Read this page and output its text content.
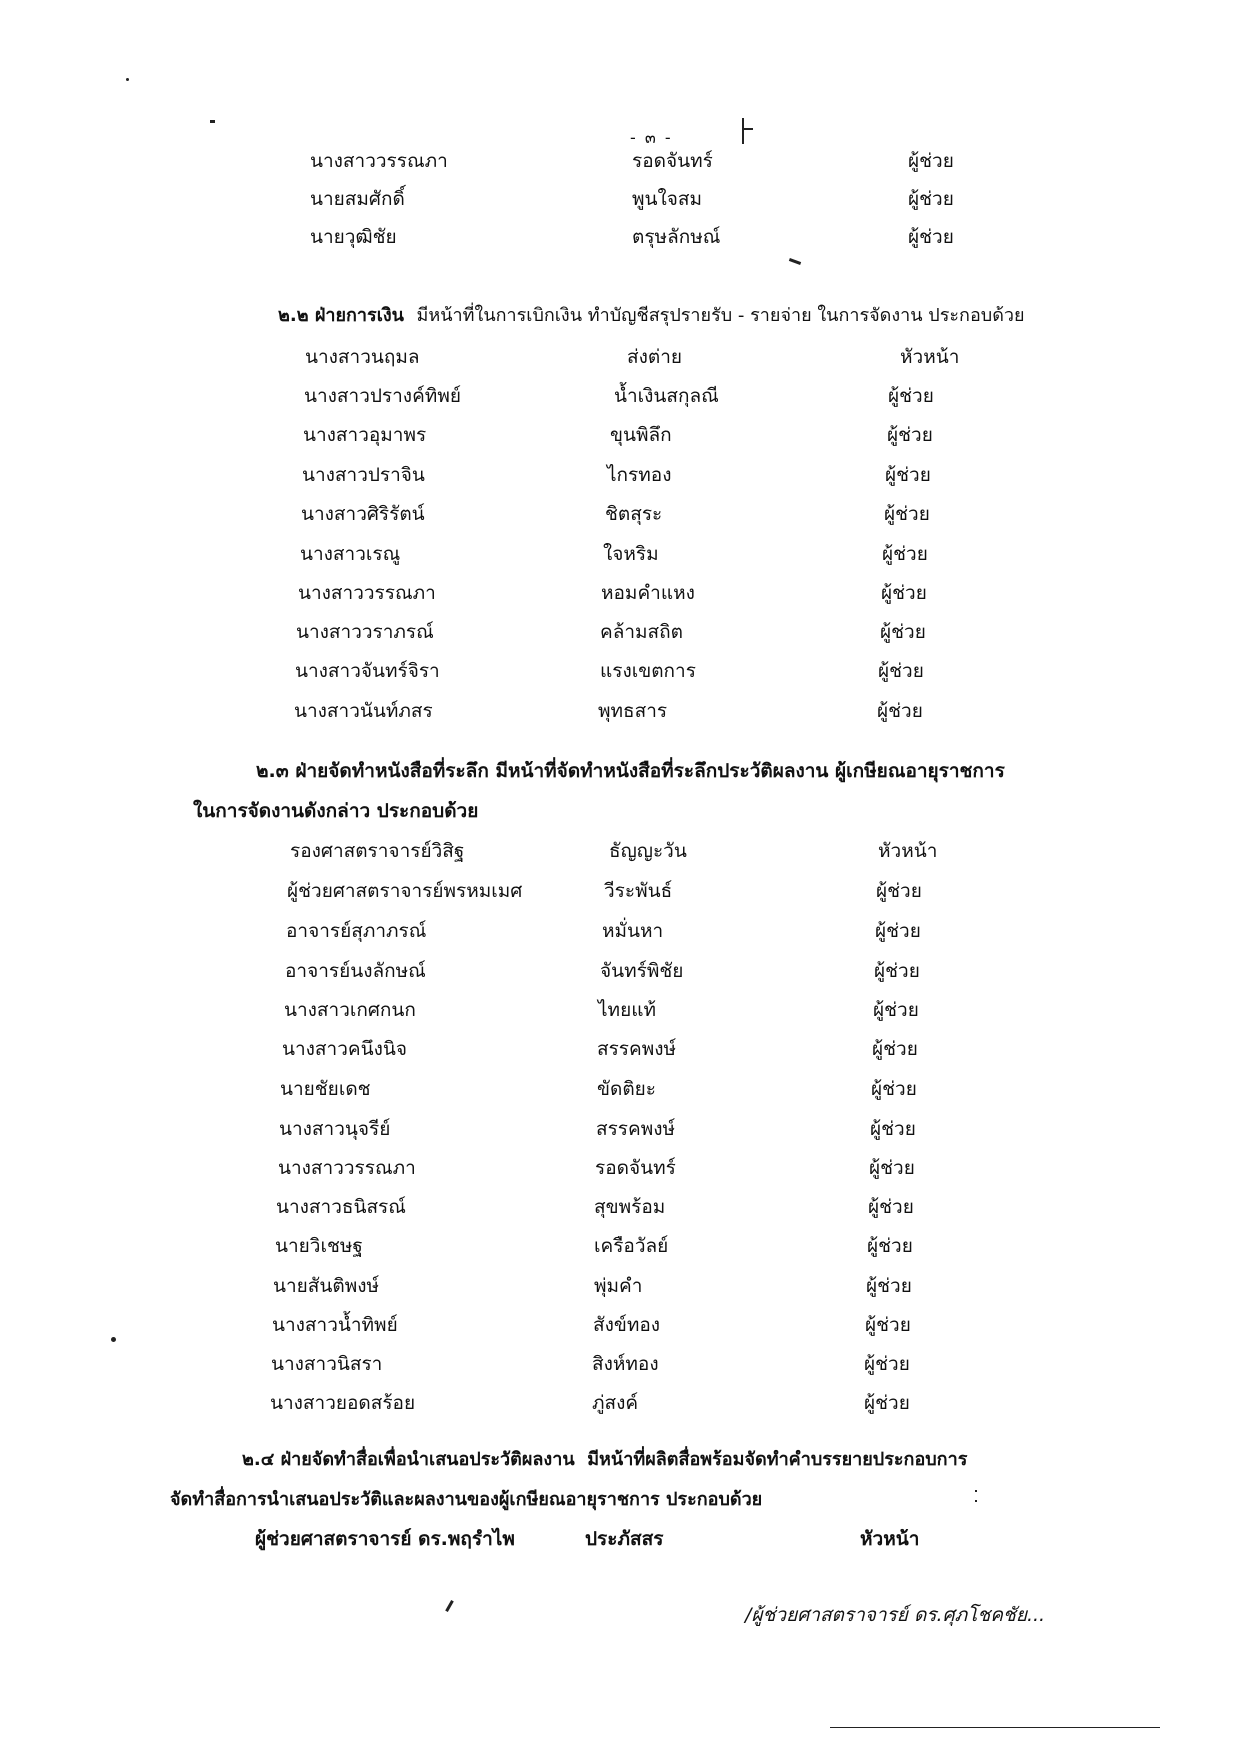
- ๓ -
นางสาววรรณภา	รอดจันทร์	ผู้ช่วย
นายสมศักดิ์	พูนใจสม	ผู้ช่วย
นายวุฒิชัย	ตรุษลักษณ์	ผู้ช่วย
๒.๒ ฝ่ายการเงิน มีหน้าที่ในการเบิกเงิน ทำบัญชีสรุปรายรับ - รายจ่าย ในการจัดงาน ประกอบด้วย
นางสาวนฤมล	ส่งต่าย	หัวหน้า
นางสาวปรางค์ทิพย์	น้ำเงินสกุลณี	ผู้ช่วย
นางสาวอุมาพร	ขุนพิลึก	ผู้ช่วย
นางสาวปราจิน	ไกรทอง	ผู้ช่วย
นางสาวศิริรัตน์	ชิตสุระ	ผู้ช่วย
นางสาวเรณู	ใจหริม	ผู้ช่วย
นางสาววรรณภา	หอมคำแหง	ผู้ช่วย
นางสาววราภรณ์	คล้ามสถิต	ผู้ช่วย
นางสาวจันทร์จิรา	แรงเขตการ	ผู้ช่วย
นางสาวนันท์ภสร	พุทธสาร	ผู้ช่วย
๒.๓ ฝ่ายจัดทำหนังสือที่ระลึก มีหน้าที่จัดทำหนังสือที่ระลึกประวัติผลงาน ผู้เกษียณอายุราชการ
ในการจัดงานดังกล่าว ประกอบด้วย
รองศาสตราจารย์วิสิฐ	ธัญญะวัน	หัวหน้า
ผู้ช่วยศาสตราจารย์พรหมเมศ	วีระพันธ์	ผู้ช่วย
อาจารย์สุภาภรณ์	หมั่นหา	ผู้ช่วย
อาจารย์นงลักษณ์	จันทร์พิชัย	ผู้ช่วย
นางสาวเกศกนก	ไทยแท้	ผู้ช่วย
นางสาวคนึงนิจ	สรรคพงษ์	ผู้ช่วย
นายชัยเดช	ขัดติยะ	ผู้ช่วย
นางสาวนุจรีย์	สรรคพงษ์	ผู้ช่วย
นางสาววรรณภา	รอดจันทร์	ผู้ช่วย
นางสาวธนิสรณ์	สุขพร้อม	ผู้ช่วย
นายวิเชษฐ	เครือวัลย์	ผู้ช่วย
นายสันติพงษ์	พุ่มคำ	ผู้ช่วย
นางสาวน้ำทิพย์	สังข์ทอง	ผู้ช่วย
นางสาวนิสรา	สิงห์ทอง	ผู้ช่วย
นางสาวยอดสร้อย	ภู่สงค์	ผู้ช่วย
๒.๔ ฝ่ายจัดทำสื่อเพื่อนำเสนอประวัติผลงาน มีหน้าที่ผลิตสื่อพร้อมจัดทำคำบรรยายประกอบการ
จัดทำสื่อการนำเสนอประวัติและผลงานของผู้เกษียณอายุราชการ ประกอบด้วย
ผู้ช่วยศาสตราจารย์ ดร.พฤรำไพ	ประภัสสร	หัวหน้า
/ผู้ช่วยศาสตราจารย์ ดร.ศุภโชคชัย...
